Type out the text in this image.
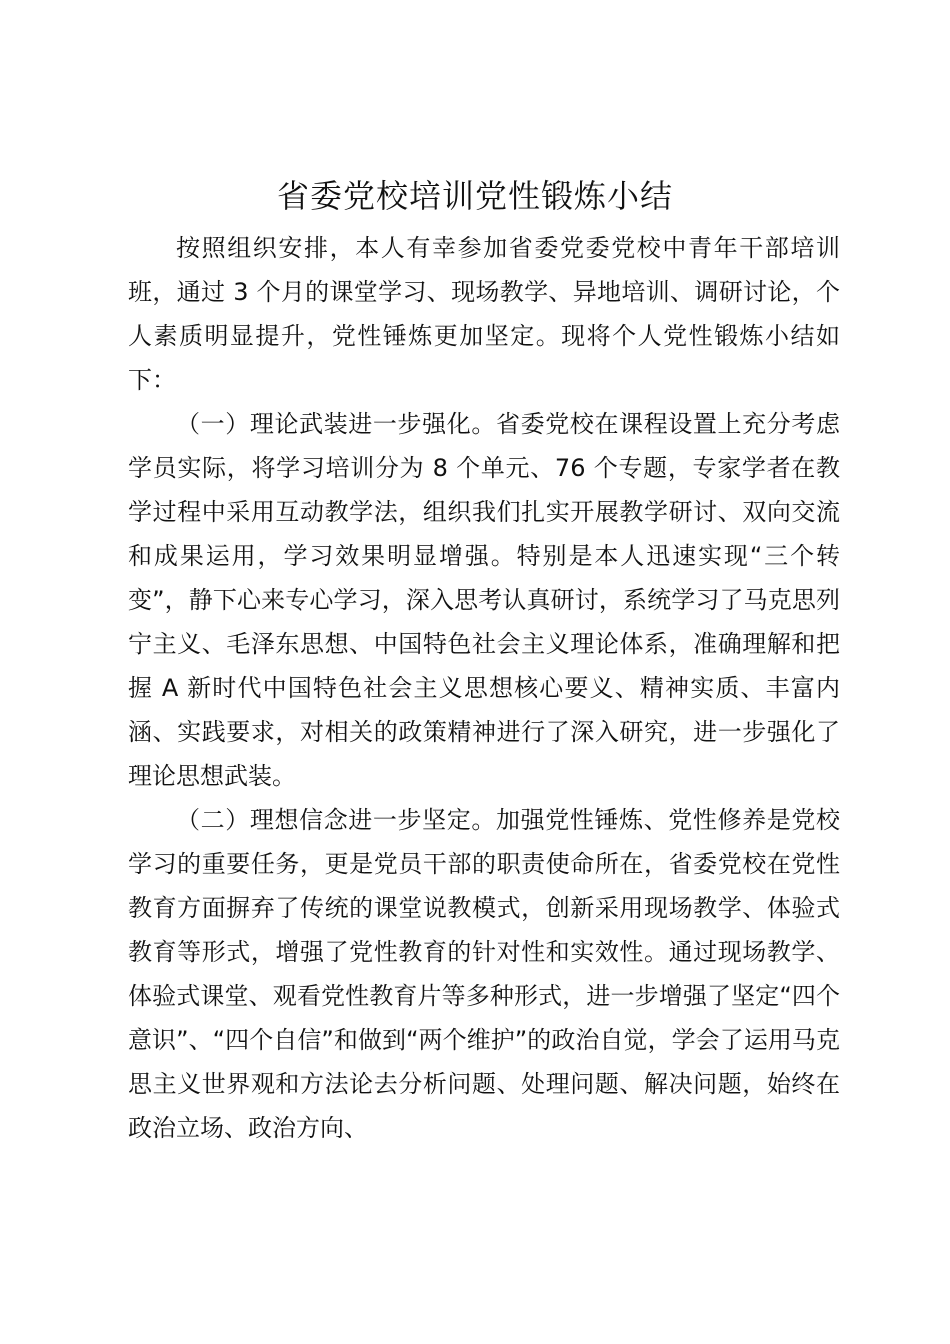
省委党校培训党性锻炼小结

按照组织安排，本人有幸参加省委党委党校中青年干部培训班，通过 3 个月的课堂学习、现场教学、异地培训、调研讨论，个人素质明显提升，党性锤炼更加坚定。现将个人党性锻炼小结如下：

（一）理论武装进一步强化。省委党校在课程设置上充分考虑学员实际，将学习培训分为 8 个单元、76 个专题，专家学者在教学过程中采用互动教学法，组织我们扎实开展教学研讨、双向交流和成果运用，学习效果明显增强。特别是本人迅速实现“三个转变”，静下心来专心学习，深入思考认真研讨，系统学习了马克思列宁主义、毛泽东思想、中国特色社会主义理论体系，准确理解和把握 A 新时代中国特色社会主义思想核心要义、精神实质、丰富内涵、实践要求，对相关的政策精神进行了深入研究，进一步强化了理论思想武装。

（二）理想信念进一步坚定。加强党性锤炼、党性修养是党校学习的重要任务，更是党员干部的职责使命所在，省委党校在党性教育方面摒弃了传统的课堂说教模式，创新采用现场教学、体验式教育等形式，增强了党性教育的针对性和实效性。通过现场教学、体验式课堂、观看党性教育片等多种形式，进一步增强了坚定“四个意识”、“四个自信”和做到“两个维护”的政治自觉，学会了运用马克思主义世界观和方法论去分析问题、处理问题、解决问题，始终在政治立场、政治方向、
